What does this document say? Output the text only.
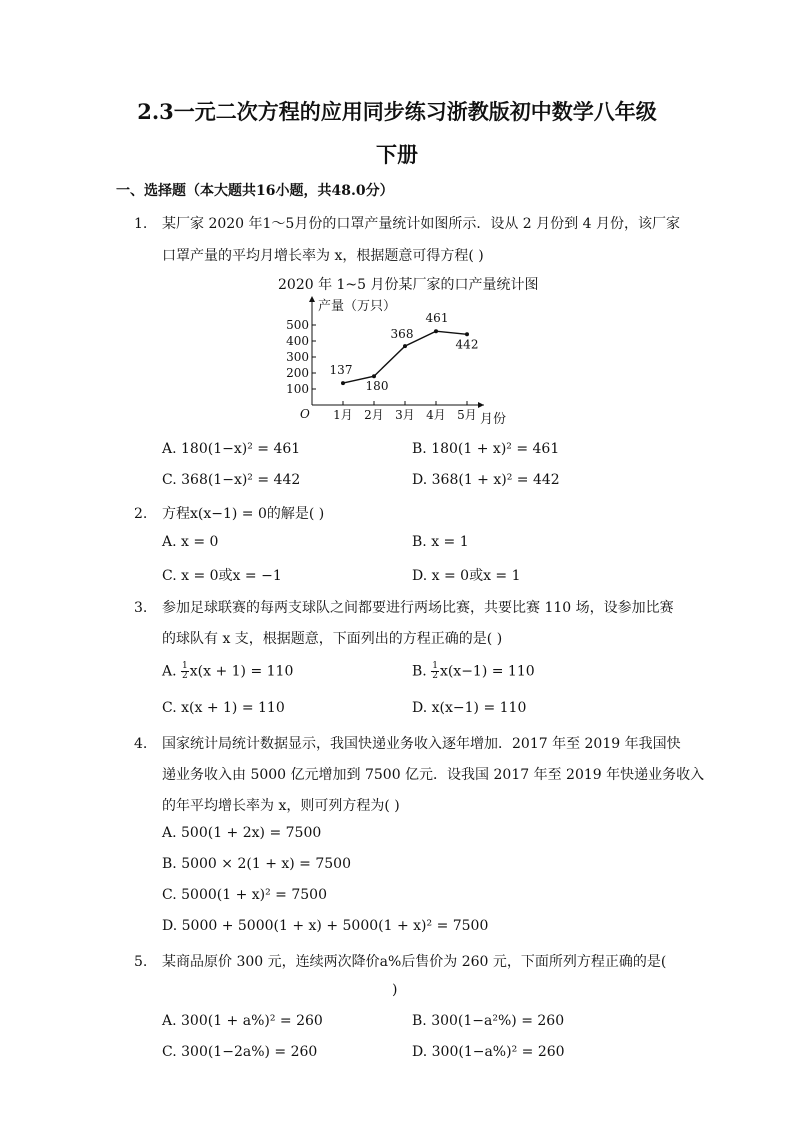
2.3一元二次方程的应用同步练习浙教版初中数学八年级
下册
一、选择题（本大题共16小题，共48.0分）
1. 某厂家 2020 年1～5月份的口罩产量统计如图所示．设从 2 月份到 4 月份，该厂家
口罩产量的平均月增长率为 x，根据题意可得方程( )
2020 年 1~5 月份某厂家的口产量统计图
产量（万只）
月份
O
100
200
300
400
500
1月 2月 3月 4月 5月
137
180
368
461
442
A. 180(1−x)² = 461	B. 180(1 + x)² = 461
C. 368(1−x)² = 442	D. 368(1 + x)² = 442
2. 方程x(x−1) = 0的解是( )
A. x = 0	B. x = 1
C. x = 0或x = −1	D. x = 0或x = 1
3. 参加足球联赛的每两支球队之间都要进行两场比赛，共要比赛 110 场，设参加比赛
的球队有 x 支，根据题意，下面列出的方程正确的是( )
A. $\frac{1}{2} x(x + 1) = 110$	B. $\frac{1}{2} x(x-1) = 110$
C. x(x + 1) = 110	D. x(x−1) = 110
4. 国家统计局统计数据显示，我国快递业务收入逐年增加．2017 年至 2019 年我国快
递业务收入由 5000 亿元增加到 7500 亿元．设我国 2017 年至 2019 年快递业务收入
的年平均增长率为 x，则可列方程为( )
A. 500(1 + 2x) = 7500
B. 5000 × 2(1 + x) = 7500
C. 5000(1 + x)² = 7500
D. 5000 + 5000(1 + x) + 5000(1 + x)² = 7500
5. 某商品原价 300 元，连续两次降价a%后售价为 260 元，下面所列方程正确的是(
)
A. 300(1 + a%)² = 260	B. 300(1−a²%) = 260
C. 300(1−2a%) = 260	D. 300(1−a%)² = 260
